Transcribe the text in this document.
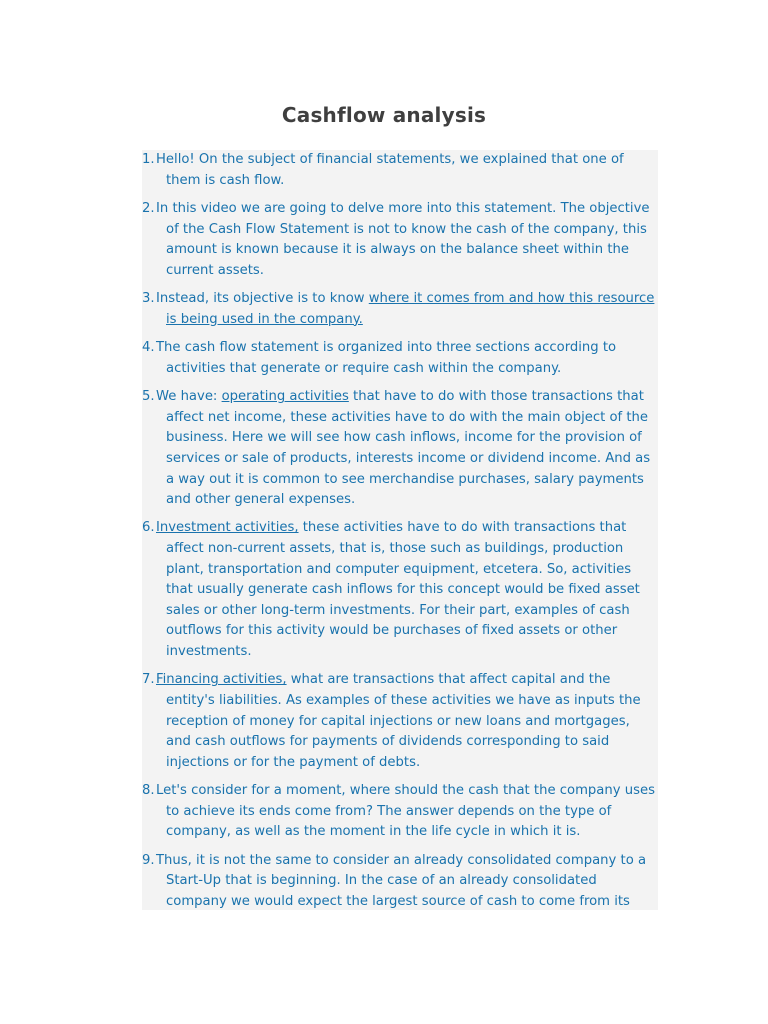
Cashflow analysis
1. Hello! On the subject of financial statements, we explained that one of them is cash flow.
2. In this video we are going to delve more into this statement. The objective of the Cash Flow Statement is not to know the cash of the company, this amount is known because it is always on the balance sheet within the current assets.
3. Instead, its objective is to know where it comes from and how this resource is being used in the company.
4. The cash flow statement is organized into three sections according to activities that generate or require cash within the company.
5. We have: operating activities that have to do with those transactions that affect net income, these activities have to do with the main object of the business. Here we will see how cash inflows, income for the provision of services or sale of products, interests income or dividend income. And as a way out it is common to see merchandise purchases, salary payments and other general expenses.
6. Investment activities, these activities have to do with transactions that affect non-current assets, that is, those such as buildings, production plant, transportation and computer equipment, etcetera. So, activities that usually generate cash inflows for this concept would be fixed asset sales or other long-term investments. For their part, examples of cash outflows for this activity would be purchases of fixed assets or other investments.
7. Financing activities, what are transactions that affect capital and the entity's liabilities. As examples of these activities we have as inputs the reception of money for capital injections or new loans and mortgages, and cash outflows for payments of dividends corresponding to said injections or for the payment of debts.
8. Let's consider for a moment, where should the cash that the company uses to achieve its ends come from? The answer depends on the type of company, as well as the moment in the life cycle in which it is.
9. Thus, it is not the same to consider an already consolidated company to a Start-Up that is beginning. In the case of an already consolidated company we would expect the largest source of cash to come from its
